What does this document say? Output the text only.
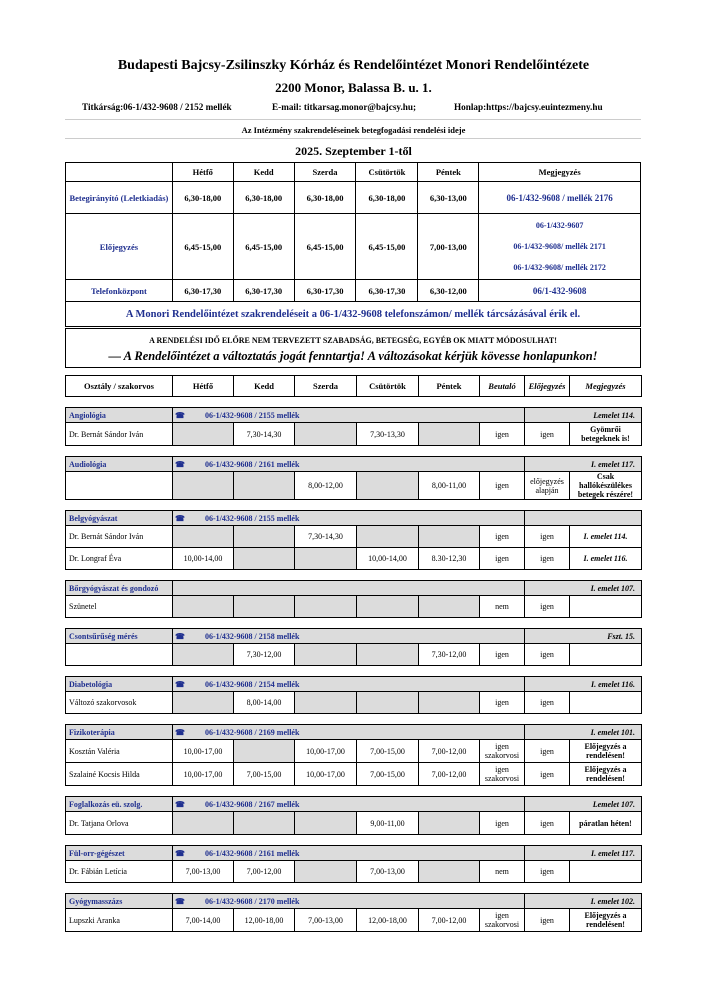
Budapesti Bajcsy-Zsilinszky Kórház és Rendelőintézet Monori Rendelőintézete
2200 Monor, Balassa B. u. 1.
Titkárság:06-1/432-9608 / 2152 mellék	E-mail: titkarsag.monor@bajcsy.hu;	Honlap:https://bajcsy.euintezmeny.hu
Az Intézmény szakrendeléseinek betegfogadási rendelési ideje
2025. Szeptember 1-től
	Hétfő	Kedd	Szerda	Csütörtök	Péntek	Megjegyzés
Betegirányító (Leletkiadás)	6,30-18,00	6,30-18,00	6,30-18,00	6,30-18,00	6,30-13,00	06-1/432-9608 / mellék 2176
Előjegyzés	6,45-15,00	6,45-15,00	6,45-15,00	6,45-15,00	7,00-13,00	06-1/432-9607
06-1/432-9608/ mellék 2171
06-1/432-9608/ mellék 2172

Telefonközpont	6,30-17,30	6,30-17,30	6,30-17,30	6,30-17,30	6,30-12,00	06/1-432-9608
A Monori Rendelőintézet szakrendeléseit a 06-1/432-9608 telefonszámon/ mellék tárcsázásával érik el.						
A RENDELÉSI IDŐ ELŐRE NEM TERVEZETT SZABADSÁG, BETEGSÉG, EGYÉB OK MIATT MÓDOSULHAT!
— A Rendelőintézet a változtatás jogát fenntartja! A változásokat kérjük kövesse honlapunkon!
Osztály / szakorvos	Hétfő	Kedd	Szerda	Csütörtök	Péntek	Beutaló	Előjegyzés	Megjegyzés

Angiológia	☎ 06-1/432-9608 / 2155 mellék						Lemelet 114.	
Dr. Bernát Sándor Iván		7,30-14,30		7,30-13,30		igen	igen	Gyömrői betegeknek is!

Audiológia	☎ 06-1/432-9608 / 2161 mellék						I. emelet 117.	
			8,00-12,00		8,00-11,00	igen	előjegyzés alapján	Csak hallókészülékes betegek részére!

Belgyógyászat	☎ 06-1/432-9608 / 2155 mellék							
Dr. Bernát Sándor Iván			7,30-14,30			igen	igen	I. emelet 114.
Dr. Longraf Éva	10,00-14,00			10,00-14,00	8.30-12,30	igen	igen	I. emelet 116.

Bőrgyógyászat és gondozó							I. emelet 107.	
Szünetel						nem	igen	

Csontsűrűség mérés	☎ 06-1/432-9608 / 2158 mellék						Fszt. 15.	
		7,30-12,00			7,30-12,00	igen	igen	

Diabetológia	☎ 06-1/432-9608 / 2154 mellék						I. emelet 116.	
Változó szakorvosok		8,00-14,00				igen	igen	

Fizikoterápia	☎ 06-1/432-9608 / 2169 mellék						I. emelet 101.	
Kosztán Valéria	10,00-17,00		10,00-17,00	7,00-15,00	7,00-12,00	igen szakorvosi	igen	Előjegyzés a rendelésen!
Szalainé Kocsis Hilda	10,00-17,00	7,00-15,00	10,00-17,00	7,00-15,00	7,00-12,00	igen szakorvosi	igen	Előjegyzés a rendelésen!

Foglalkozás eü. szolg.	☎ 06-1/432-9608 / 2167 mellék						Lemelet 107.	
Dr. Tatjana Orlova				9,00-11,00		igen	igen	páratlan héten!

Fül-orr-gégészet	☎ 06-1/432-9608 / 2161 mellék						I. emelet 117.	
Dr. Fábián Letícia	7,00-13,00	7,00-12,00		7,00-13,00		nem	igen	

Gyógymasszázs	☎ 06-1/432-9608 / 2170 mellék						I. emelet 102.	
Lupszki Aranka	7,00-14,00	12,00-18,00	7,00-13,00	12,00-18,00	7,00-12,00	igen szakorvosi	igen	Előjegyzés a rendelésen!
